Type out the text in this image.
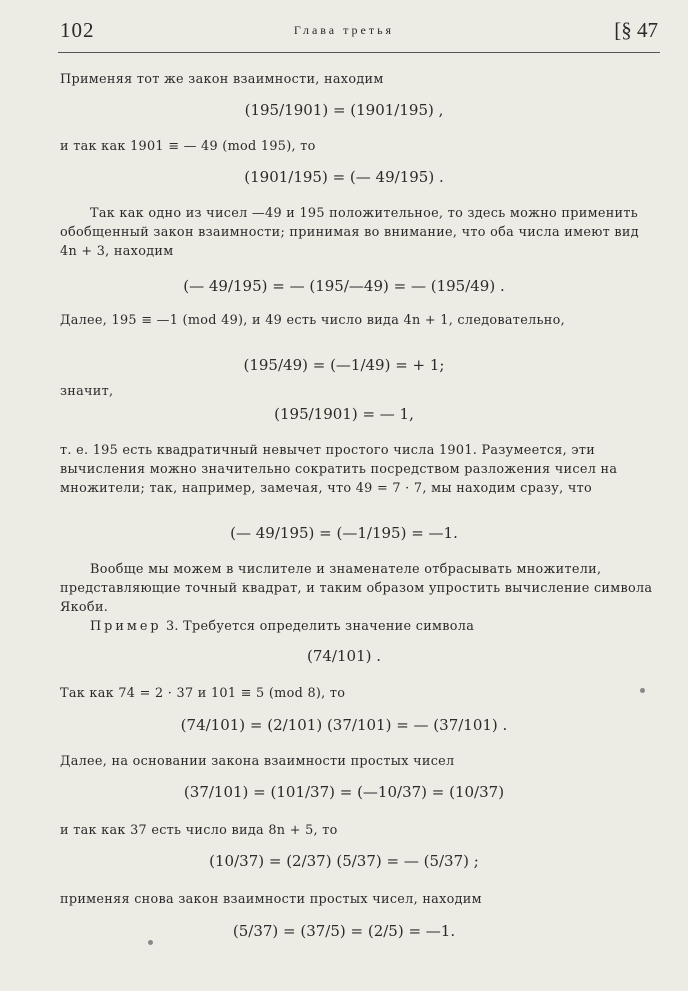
102	Глава третья	[§ 47
Применяя тот же закон взаимности, находим
(195/1901) = (1901/195) ,
и так как 1901 ≡ — 49 (mod 195), то
(1901/195) = (— 49/195) .
Так как одно из чисел —49 и 195 положительное, то здесь можно применить обобщенный закон взаимности; принимая во внимание, что оба числа имеют вид 4n + 3, находим
(— 49/195) = — (195/—49) = — (195/49) .
Далее, 195 ≡ —1 (mod 49), и 49 есть число вида 4n + 1, следовательно,
(195/49) = (—1/49) = + 1;
значит,
(195/1901) = — 1,
т. е. 195 есть квадратичный невычет простого числа 1901. Разумеется, эти вычисления можно значительно сократить посредством разложения чисел на множители; так, например, замечая, что 49 = 7 · 7, мы находим сразу, что
(— 49/195) = (—1/195) = —1.
Вообще мы можем в числителе и знаменателе отбрасывать множители, представляющие точный квадрат, и таким образом упростить вычисление символа Якоби.
Пример 3. Требуется определить значение символа
(74/101) .
Так как 74 = 2 · 37 и 101 ≡ 5 (mod 8), то
(74/101) = (2/101) (37/101) = — (37/101) .
Далее, на основании закона взаимности простых чисел
(37/101) = (101/37) = (—10/37) = (10/37)
и так как 37 есть число вида 8n + 5, то
(10/37) = (2/37) (5/37) = — (5/37) ;
применяя снова закон взаимности простых чисел, находим
(5/37) = (37/5) = (2/5) = —1.
